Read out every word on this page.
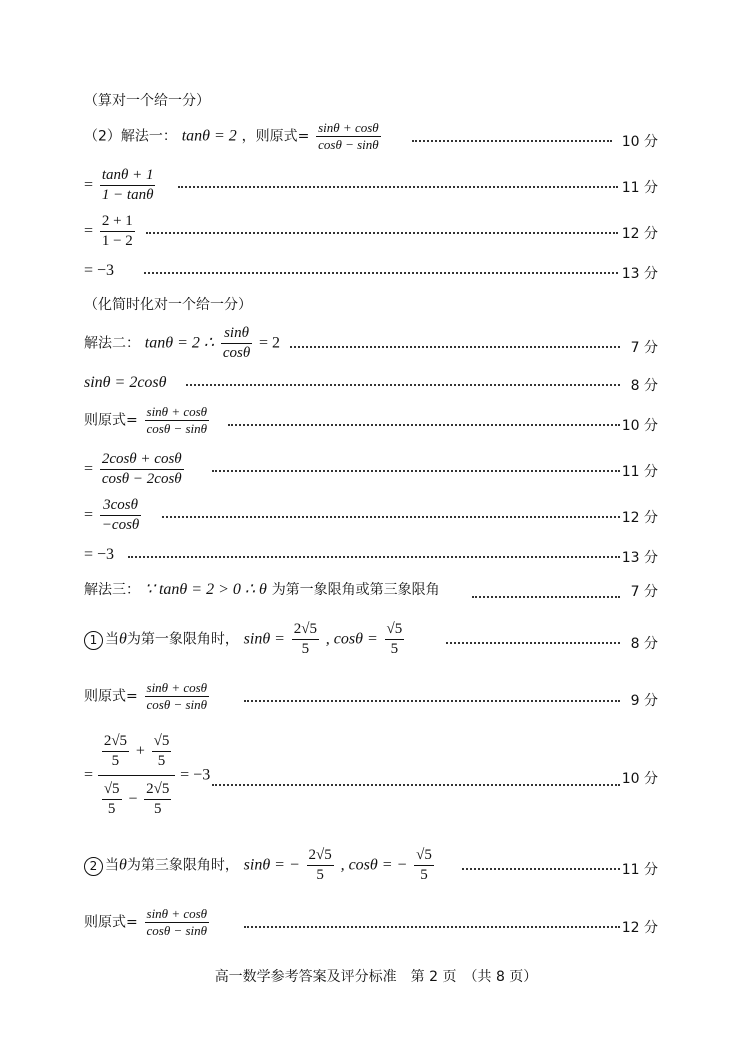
（算对一个给一分）
（2）解法一： tanθ = 2 ，则原式= $\frac{\sin\theta + \cos\theta}{\cos\theta - \sin\theta}$	10 分
= $\frac{\tan\theta + 1}{1 - \tan\theta}$	11 分
= $\frac{2 + 1}{1 - 2}$	12 分
= −3	13 分
（化简时化对一个给一分）
解法二： tanθ = 2 ∴ $\frac{\sin\theta}{\cos\theta} = 2$	7 分
sinθ = 2cosθ	8 分
则原式= $\frac{\sin\theta + \cos\theta}{\cos\theta - \sin\theta}$	10 分
= $\frac{2\cos\theta + \cos\theta}{\cos\theta - 2\cos\theta}$	11 分
= $\frac{3\cos\theta}{-\cos\theta}$	12 分
= −3	13 分
解法三： ∵ tanθ = 2 > 0 ∴ θ 为第一象限角或第三象限角	7 分
1 当θ为第一象限角时， $\sin\theta = \frac{2√5}{5}$ , $\cos\theta = \frac{√5}{5}$	8 分
则原式= $\frac{\sin\theta + \cos\theta}{\cos\theta - \sin\theta}$	9 分
= $\frac{\frac{2√5}{5} + \frac{√5}{5}}{\frac{√5}{5} - \frac{2√5}{5}} = -3$	10 分
2 当θ为第三象限角时， sinθ = − $\frac{2√5}{5}$ , cosθ = − $\frac{√5}{5}$	11 分
则原式= $\frac{\sin\theta + \cos\theta}{\cos\theta - \sin\theta}$	12 分
高一数学参考答案及评分标准　第 2 页　（共 8 页）
